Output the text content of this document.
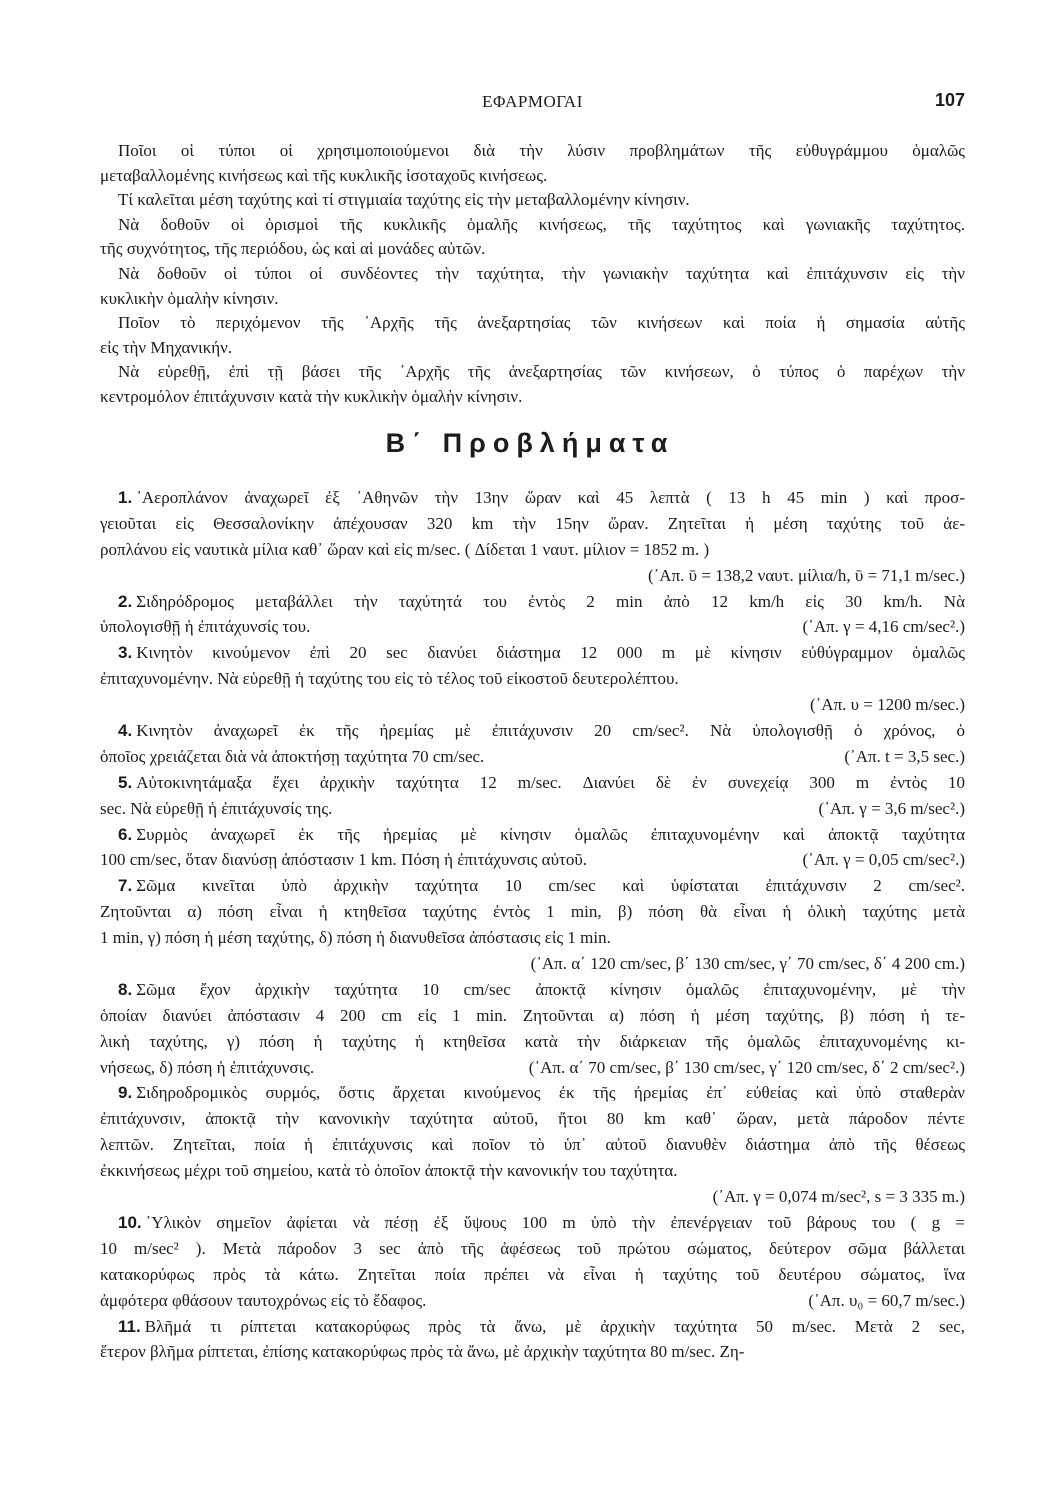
ΕΦΑΡΜΟΓΑΙ	107
Ποῖοι οἱ τύποι οἱ χρησιμοποιούμενοι διὰ τὴν λύσιν προβλημάτων τῆς εὐθυγράμμου ὁμαλῶς
μεταβαλλομένης κινήσεως καὶ τῆς κυκλικῆς ἰσοταχοῦς κινήσεως.
Τί καλεῖται μέση ταχύτης καὶ τί στιγμιαία ταχύτης εἰς τὴν μεταβαλλομένην κίνησιν.
Νὰ δοθοῦν οἱ ὁρισμοὶ τῆς κυκλικῆς ὁμαλῆς κινήσεως, τῆς ταχύτητος καὶ γωνιακῆς ταχύτητος.
τῆς συχνότητος, τῆς περιόδου, ὡς καὶ αἱ μονάδες αὐτῶν.
Νὰ δοθοῦν οἱ τύποι οἱ συνδέοντες τὴν ταχύτητα, τὴν γωνιακὴν ταχύτητα καὶ ἐπιτάχυνσιν εἰς τὴν
κυκλικὴν ὁμαλὴν κίνησιν.
Ποῖον τὸ περιχόμενον τῆς ᾿Αρχῆς τῆς ἀνεξαρτησίας τῶν κινήσεων καὶ ποία ἡ σημασία αὐτῆς
εἰς τὴν Μηχανικήν.
Νὰ εὑρεθῇ, ἐπὶ τῇ βάσει τῆς ᾿Αρχῆς τῆς ἀνεξαρτησίας τῶν κινήσεων, ὁ τύπος ὁ παρέχων τὴν
κεντρομόλον ἐπιτάχυνσιν κατὰ τὴν κυκλικὴν ὁμαλὴν κίνησιν.
Β΄ Προβλήματα
1. ᾿Αεροπλάνον ἀναχωρεῖ ἐξ ᾿Αθηνῶν τὴν 13ην ὥραν καὶ 45 λεπτὰ ( 13 h 45 min ) καὶ προσ-
γειοῦται εἰς Θεσσαλονίκην ἀπέχουσαν 320 km τὴν 15ην ὥραν. Ζητεῖται ἡ μέση ταχύτης τοῦ ἀε-
ροπλάνου εἰς ναυτικὰ μίλια καθ᾿ ὥραν καὶ εἰς m/sec. ( Δίδεται 1 ναυτ. μίλιον = 1852 m. )
(᾿Απ. ῡ = 138,2 ναυτ. μίλια/h, ῡ = 71,1 m/sec.)
2. Σιδηρόδρομος μεταβάλλει τὴν ταχύτητά του ἐντὸς 2 min ἀπὸ 12 km/h εἰς 30 km/h. Νὰ
ὑπολογισθῇ ἡ ἐπιτάχυνσίς του.	(᾿Απ. γ = 4,16 cm/sec².)
3. Κινητὸν κινούμενον ἐπὶ 20 sec διανύει διάστημα 12 000 m μὲ κίνησιν εὐθύγραμμον ὁμαλῶς
ἐπιταχυνομένην. Νὰ εὑρεθῇ ἡ ταχύτης του εἰς τὸ τέλος τοῦ εἰκοστοῦ δευτερολέπτου.
(᾿Απ. υ = 1200 m/sec.)
4. Κινητὸν ἀναχωρεῖ ἐκ τῆς ἠρεμίας μὲ ἐπιτάχυνσιν 20 cm/sec². Νὰ ὑπολογισθῇ ὁ χρόνος, ὁ
ὁποῖος χρειάζεται διὰ νὰ ἀποκτήσῃ ταχύτητα 70 cm/sec.	(᾿Απ. t = 3,5 sec.)
5. Αὐτοκινητάμαξα ἔχει ἀρχικὴν ταχύτητα 12 m/sec. Διανύει δὲ ἐν συνεχείᾳ 300 m ἐντὸς 10
sec. Νὰ εὑρεθῇ ἡ ἐπιτάχυνσίς της.	(᾿Απ. γ = 3,6 m/sec².)
6. Συρμὸς ἀναχωρεῖ ἐκ τῆς ἠρεμίας μὲ κίνησιν ὁμαλῶς ἐπιταχυνομένην καὶ ἀποκτᾷ ταχύτητα
100 cm/sec, ὅταν διανύσῃ ἀπόστασιν 1 km. Πόση ἡ ἐπιτάχυνσις αὐτοῦ.	(᾿Απ. γ = 0,05 cm/sec².)
7. Σῶμα κινεῖται ὑπὸ ἀρχικὴν ταχύτητα 10 cm/sec καὶ ὑφίσταται ἐπιτάχυνσιν 2 cm/sec².
Ζητοῦνται α) πόση εἶναι ἡ κτηθεῖσα ταχύτης ἐντὸς 1 min, β) πόση θὰ εἶναι ἡ ὁλικὴ ταχύτης μετὰ
1 min, γ) πόση ἡ μέση ταχύτης, δ) πόση ἡ διανυθεῖσα ἀπόστασις εἰς 1 min.
(᾿Απ. α΄ 120 cm/sec, β΄ 130 cm/sec, γ΄ 70 cm/sec, δ΄ 4 200 cm.)
8. Σῶμα ἔχον ἀρχικὴν ταχύτητα 10 cm/sec ἀποκτᾷ κίνησιν ὁμαλῶς ἐπιταχυνομένην, μὲ τὴν
ὁποίαν διανύει ἀπόστασιν 4 200 cm εἰς 1 min. Ζητοῦνται α) πόση ἡ μέση ταχύτης, β) πόση ἡ τε-
λικὴ ταχύτης, γ) πόση ἡ ταχύτης ἡ κτηθεῖσα κατὰ τὴν διάρκειαν τῆς ὁμαλῶς ἐπιταχυνομένης κι-
νήσεως, δ) πόση ἡ ἐπιτάχυνσις.	(᾿Απ. α΄ 70 cm/sec, β΄ 130 cm/sec, γ΄ 120 cm/sec, δ΄ 2 cm/sec².)
9. Σιδηροδρομικὸς συρμός, ὅστις ἄρχεται κινούμενος ἐκ τῆς ἠρεμίας ἐπ᾿ εὐθείας καὶ ὑπὸ σταθερὰν
ἐπιτάχυνσιν, ἀποκτᾷ τὴν κανονικὴν ταχύτητα αὐτοῦ, ἤτοι 80 km καθ᾿ ὥραν, μετὰ πάροδον πέντε
λεπτῶν. Ζητεῖται, ποία ἡ ἐπιτάχυνσις καὶ ποῖον τὸ ὑπ᾿ αὐτοῦ διανυθὲν διάστημα ἀπὸ τῆς θέσεως
ἐκκινήσεως μέχρι τοῦ σημείου, κατὰ τὸ ὁποῖον ἀποκτᾷ τὴν κανονικήν του ταχύτητα.
(᾿Απ. γ = 0,074 m/sec², s = 3 335 m.)
10. ῾Υλικὸν σημεῖον ἀφίεται νὰ πέσῃ ἐξ ὕψους 100 m ὑπὸ τὴν ἐπενέργειαν τοῦ βάρους του ( g =
10 m/sec² ). Μετὰ πάροδον 3 sec ἀπὸ τῆς ἀφέσεως τοῦ πρώτου σώματος, δεύτερον σῶμα βάλλεται
κατακορύφως πρὸς τὰ κάτω. Ζητεῖται ποία πρέπει νὰ εἶναι ἡ ταχύτης τοῦ δευτέρου σώματος, ἵνα
ἀμφότερα φθάσουν ταυτοχρόνως εἰς τὸ ἔδαφος.	(᾿Απ. υ₀ = 60,7 m/sec.)
11. Βλῆμά τι ρίπτεται κατακορύφως πρὸς τὰ ἄνω, μὲ ἀρχικὴν ταχύτητα 50 m/sec. Μετὰ 2 sec,
ἕτερον βλῆμα ρίπτεται, ἐπίσης κατακορύφως πρὸς τὰ ἄνω, μὲ ἀρχικὴν ταχύτητα 80 m/sec. Ζη-
